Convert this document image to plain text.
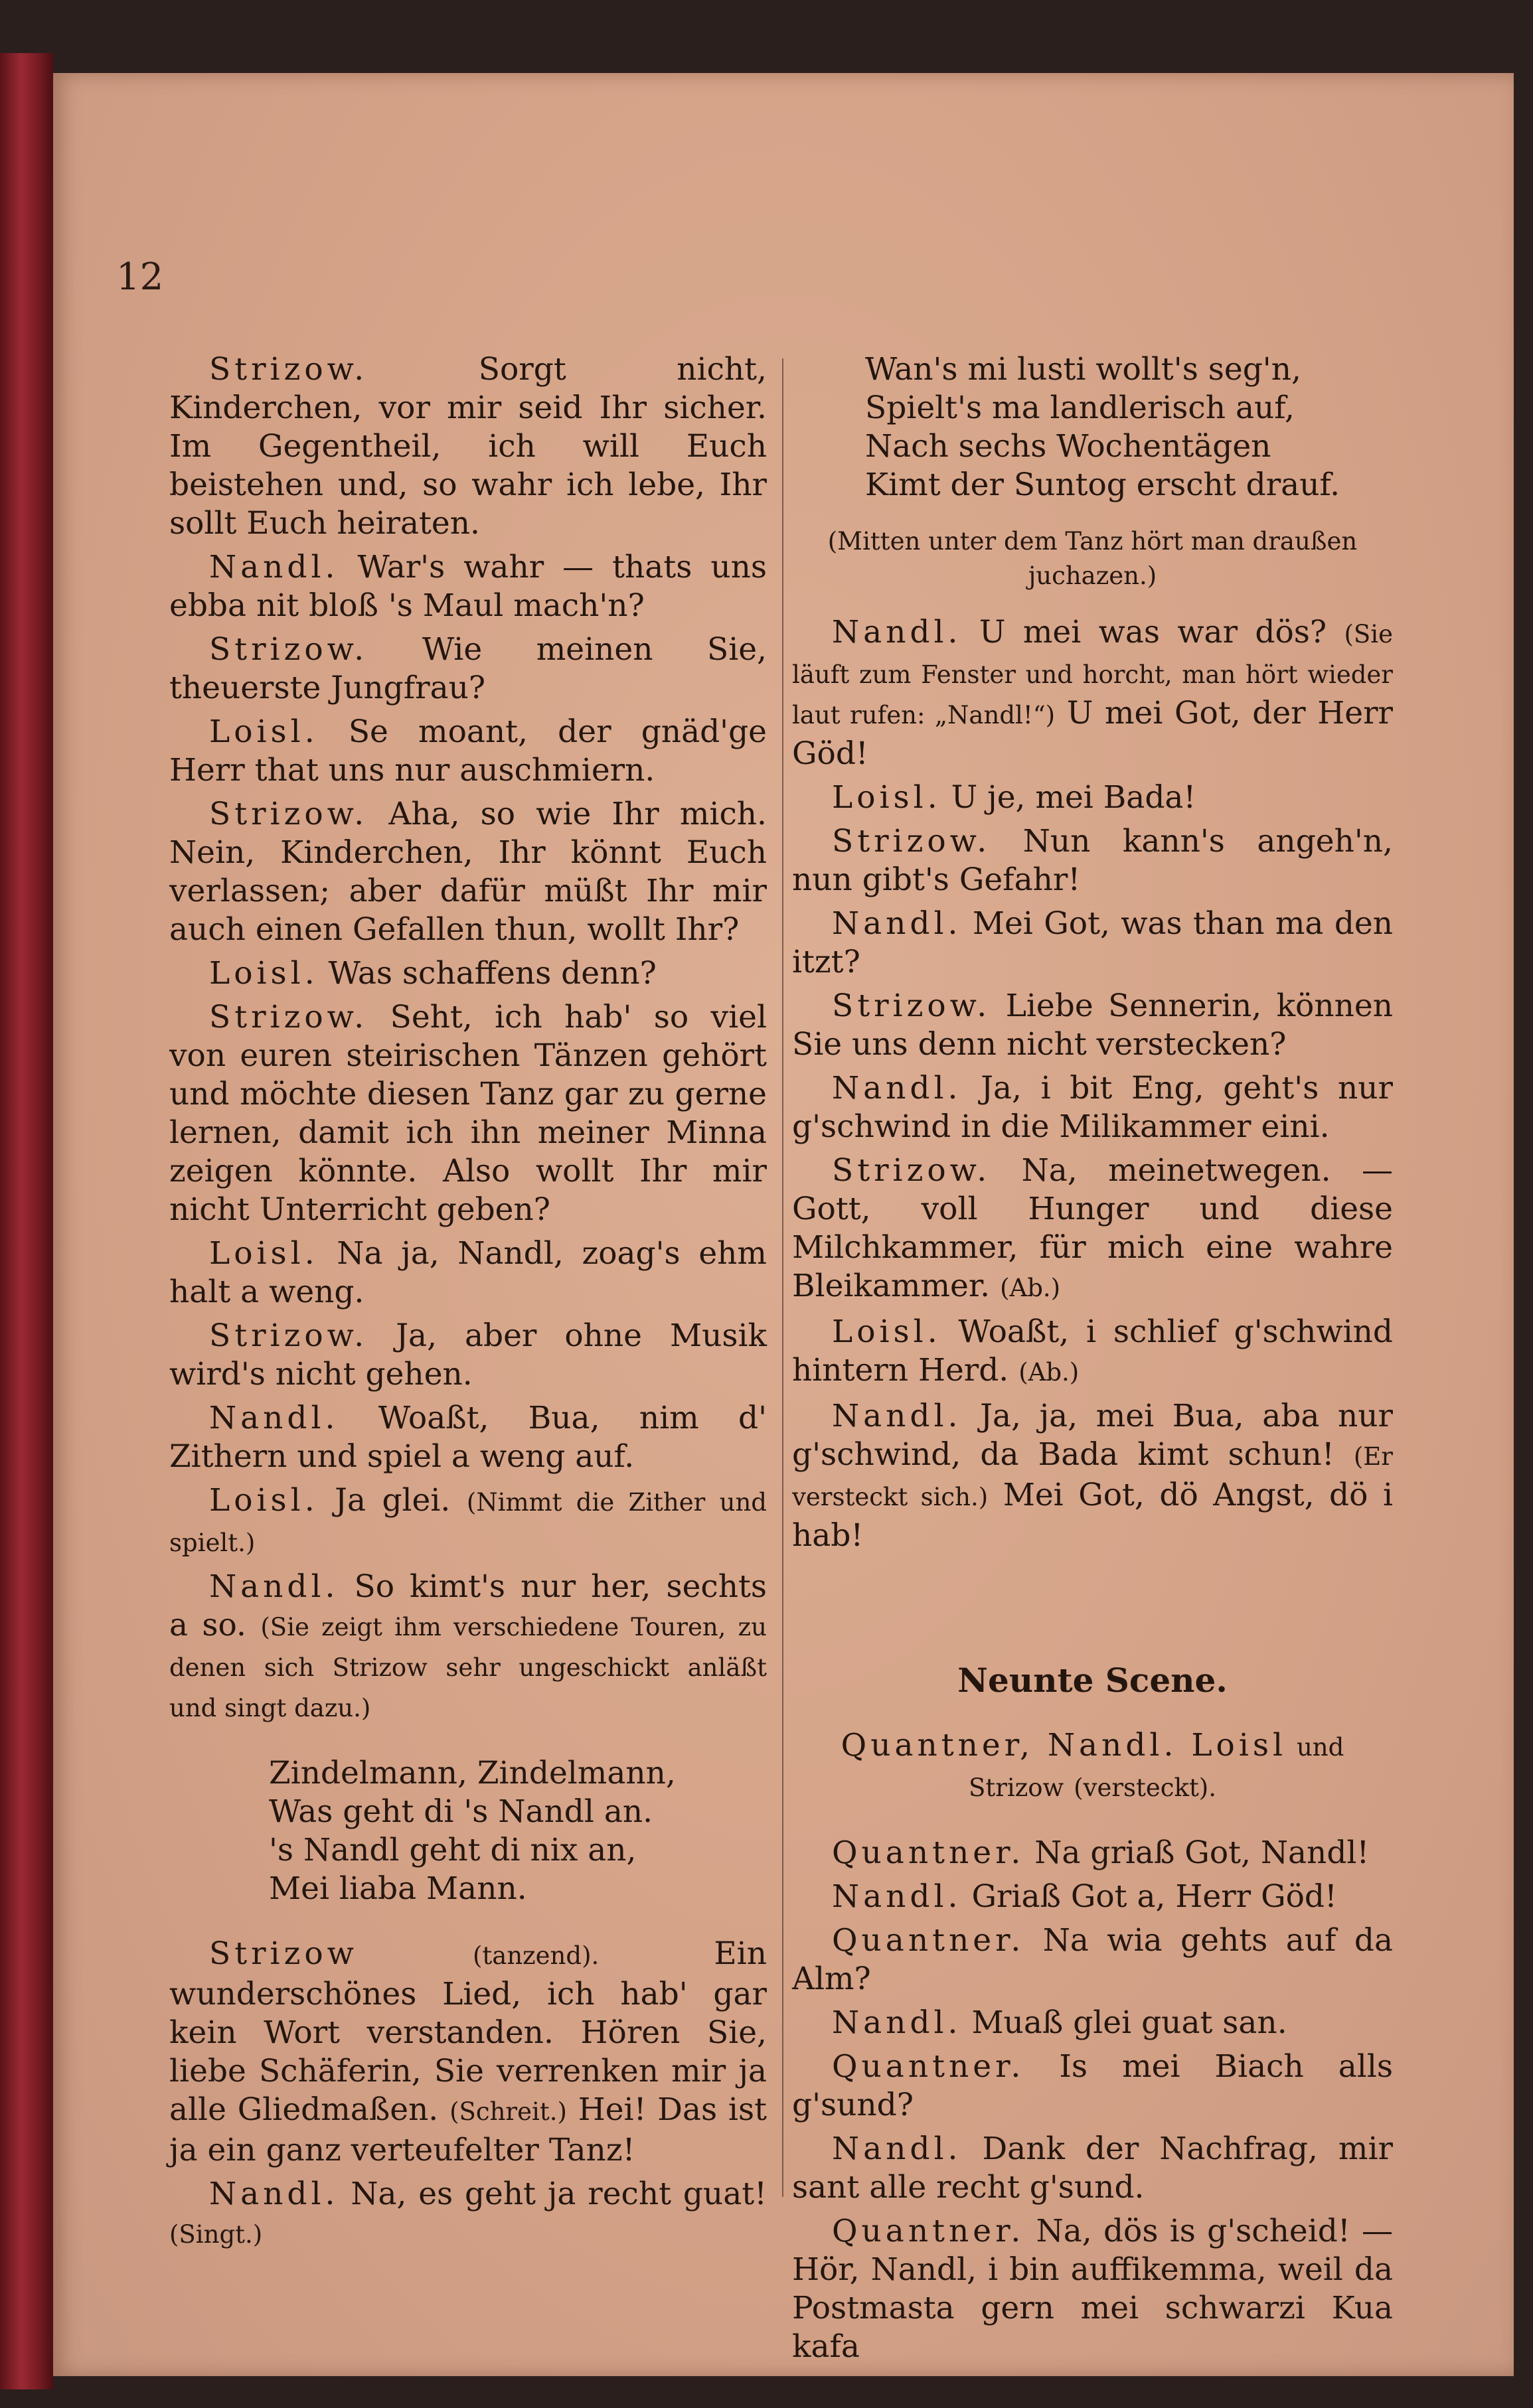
12

Strizow.	Sorgt nicht, Kinderchen, vor mir seid Ihr sicher. Im Gegentheil, ich will Euch beistehen und, so wahr ich lebe, Ihr sollt Euch heiraten.

Nandl. War's wahr — thats uns ebba nit bloß 's Maul mach'n?

Strizow. Wie meinen Sie, theuerste Jungfrau?

Loisl. Se moant, der gnäd'ge Herr that uns nur auschmiern.

Strizow. Aha, so wie Ihr mich. Nein, Kinderchen, Ihr könnt Euch verlassen; aber dafür müßt Ihr mir auch einen Gefallen thun, wollt Ihr?

Loisl. Was schaffens denn?

Strizow. Seht, ich hab' so viel von euren steirischen Tänzen gehört und möchte diesen Tanz gar zu gerne lernen, damit ich ihn meiner Minna zeigen könnte. Also wollt Ihr mir nicht Unterricht geben?

Loisl. Na ja, Nandl, zoag's ehm halt a weng.

Strizow. Ja, aber ohne Musik wird's nicht gehen.

Nandl. Woaßt, Bua, nim d' Zithern und spiel a weng auf.

Loisl. Ja glei. (Nimmt die Zither und spielt.)

Nandl. So kimt's nur her, sechts a so. (Sie zeigt ihm verschiedene Touren, zu denen sich Strizow sehr ungeschickt anläßt und singt dazu.)

Zindelmann, Zindelmann,
Was geht di 's Nandl an.
's Nandl geht di nix an,
Mei liaba Mann.

Strizow	(tanzend).	Ein wunderschönes Lied, ich hab' gar kein Wort verstanden. Hören Sie, liebe Schäferin, Sie verrenken mir ja alle Gliedmaßen. (Schreit.) Hei! Das ist ja ein ganz verteufelter Tanz!

Nandl. Na, es geht ja recht guat! (Singt.)

Wan's mi lusti wollt's seg'n,
Spielt's ma landlerisch auf,
Nach sechs Wochentägen
Kimt der Suntog erscht drauf.
(Mitten unter dem Tanz hört man draußen juchazen.)

Nandl. U mei was war dös? (Sie läuft zum Fenster und horcht, man hört wieder laut rufen: „Nandl!“) U mei Got, der Herr Göd!

Loisl. U je, mei Bada!

Strizow. Nun kann's angeh'n, nun gibt's Gefahr!

Nandl. Mei Got, was than ma den itzt?

Strizow. Liebe Sennerin, können Sie uns denn nicht verstecken?

Nandl. Ja, i bit Eng, geht's nur g'schwind in die Milikammer eini.

Strizow. Na, meinetwegen. — Gott, voll Hunger und diese Milchkammer, für mich eine wahre Bleikammer. (Ab.)

Loisl. Woaßt, i schlief g'schwind hintern Herd. (Ab.)

Nandl. Ja, ja, mei Bua, aba nur g'schwind, da Bada kimt schun! (Er versteckt sich.) Mei Got, dö Angst, dö i hab!

Neunte Scene.
Quantner, Nandl. Loisl und Strizow (versteckt).

Quantner. Na griaß Got, Nandl!

Nandl. Griaß Got a, Herr Göd!

Quantner. Na wia gehts auf da Alm?

Nandl. Muaß glei guat san.

Quantner. Is mei Biach alls g'sund?

Nandl. Dank der Nachfrag, mir sant alle recht g'sund.

Quantner. Na, dös is g'scheid! — Hör, Nandl, i bin auffikemma, weil da Postmasta gern mei schwarzi Kua kafa
